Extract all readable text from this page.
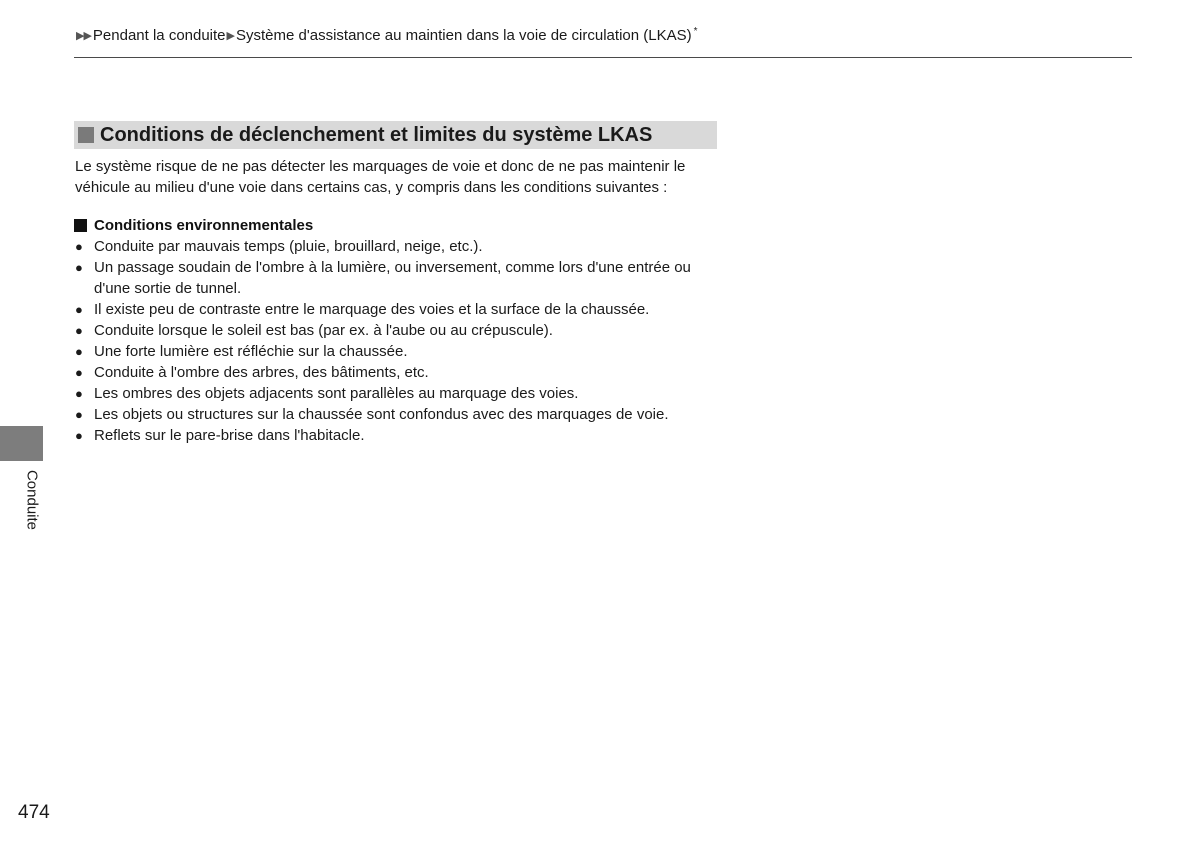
▶▶ Pendant la conduite ▶ Système d'assistance au maintien dans la voie de circulation (LKAS) *
Conditions de déclenchement et limites du système LKAS
Le système risque de ne pas détecter les marquages de voie et donc de ne pas maintenir le véhicule au milieu d'une voie dans certains cas, y compris dans les conditions suivantes :
Conditions environnementales
● Conduite par mauvais temps (pluie, brouillard, neige, etc.).
● Un passage soudain de l'ombre à la lumière, ou inversement, comme lors d'une entrée ou d'une sortie de tunnel.
● Il existe peu de contraste entre le marquage des voies et la surface de la chaussée.
● Conduite lorsque le soleil est bas (par ex. à l'aube ou au crépuscule).
● Une forte lumière est réfléchie sur la chaussée.
● Conduite à l'ombre des arbres, des bâtiments, etc.
● Les ombres des objets adjacents sont parallèles au marquage des voies.
● Les objets ou structures sur la chaussée sont confondus avec des marquages de voie.
● Reflets sur le pare-brise dans l'habitacle.
Conduite
474
